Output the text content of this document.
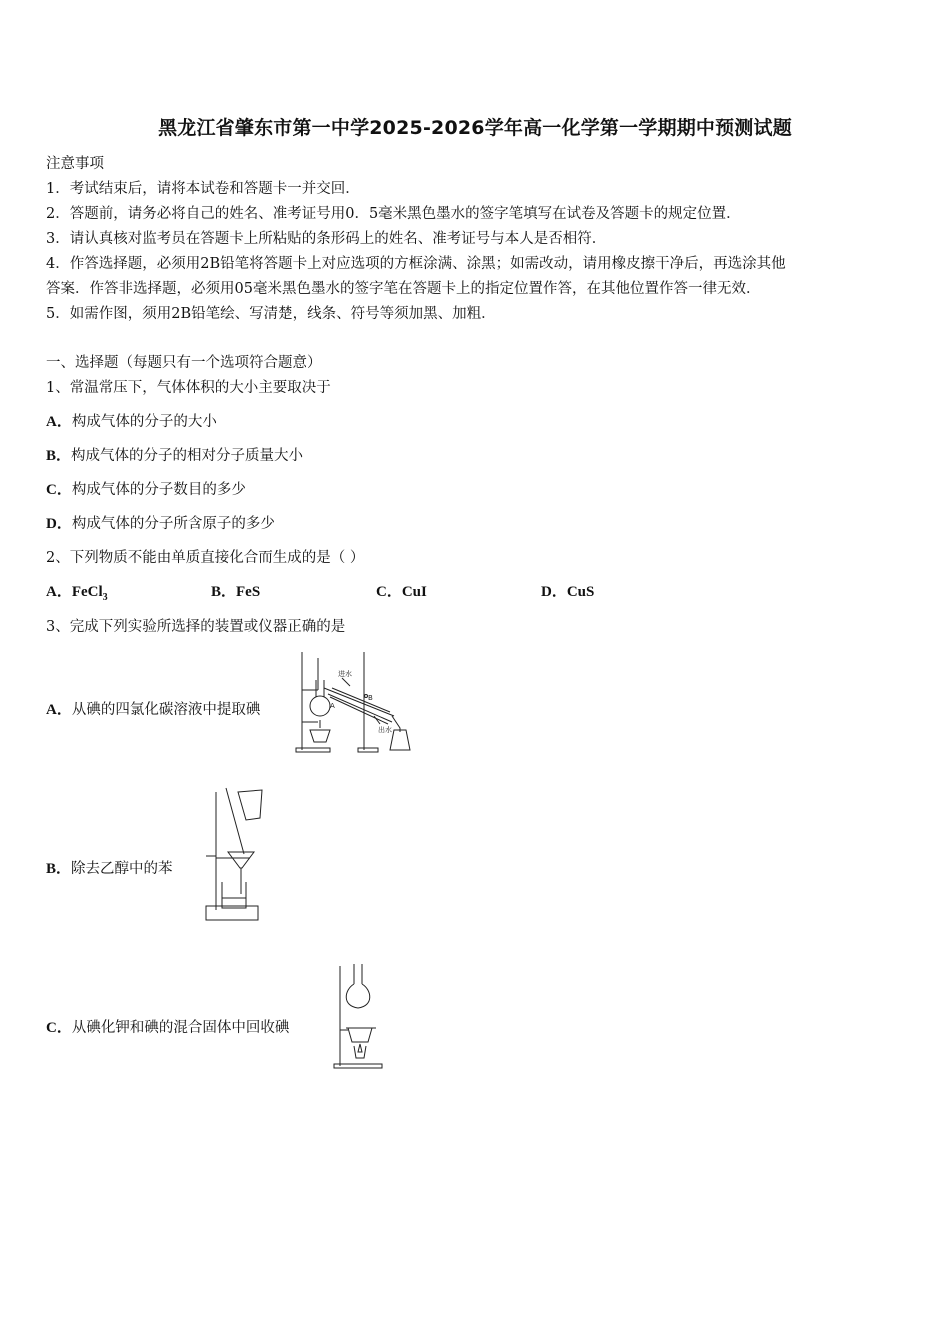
黑龙江省肇东市第一中学2025-2026学年高一化学第一学期期中预测试题
注意事项
1．考试结束后，请将本试卷和答题卡一并交回．
2．答题前，请务必将自己的姓名、准考证号用0．5毫米黑色墨水的签字笔填写在试卷及答题卡的规定位置．
3．请认真核对监考员在答题卡上所粘贴的条形码上的姓名、准考证号与本人是否相符．
4．作答选择题，必须用2B铅笔将答题卡上对应选项的方框涂满、涂黑；如需改动，请用橡皮擦干净后，再选涂其他
答案．作答非选择题，必须用05毫米黑色墨水的签字笔在答题卡上的指定位置作答，在其他位置作答一律无效．
5．如需作图，须用2B铅笔绘、写清楚，线条、符号等须加黑、加粗．
一、选择题（每题只有一个选项符合题意）
1、常温常压下，气体体积的大小主要取决于
A．构成气体的分子的大小
B．构成气体的分子的相对分子质量大小
C．构成气体的分子数目的多少
D．构成气体的分子所含原子的多少
2、下列物质不能由单质直接化合而生成的是（ ）
A．FeCl$_3$	B．FeS	C．CuI	D．CuS
3、完成下列实验所选择的装置或仪器正确的是
A．从碘的四氯化碳溶液中提取碘
进水
出水
A
B
B．除去乙醇中的苯
C．从碘化钾和碘的混合固体中回收碘
